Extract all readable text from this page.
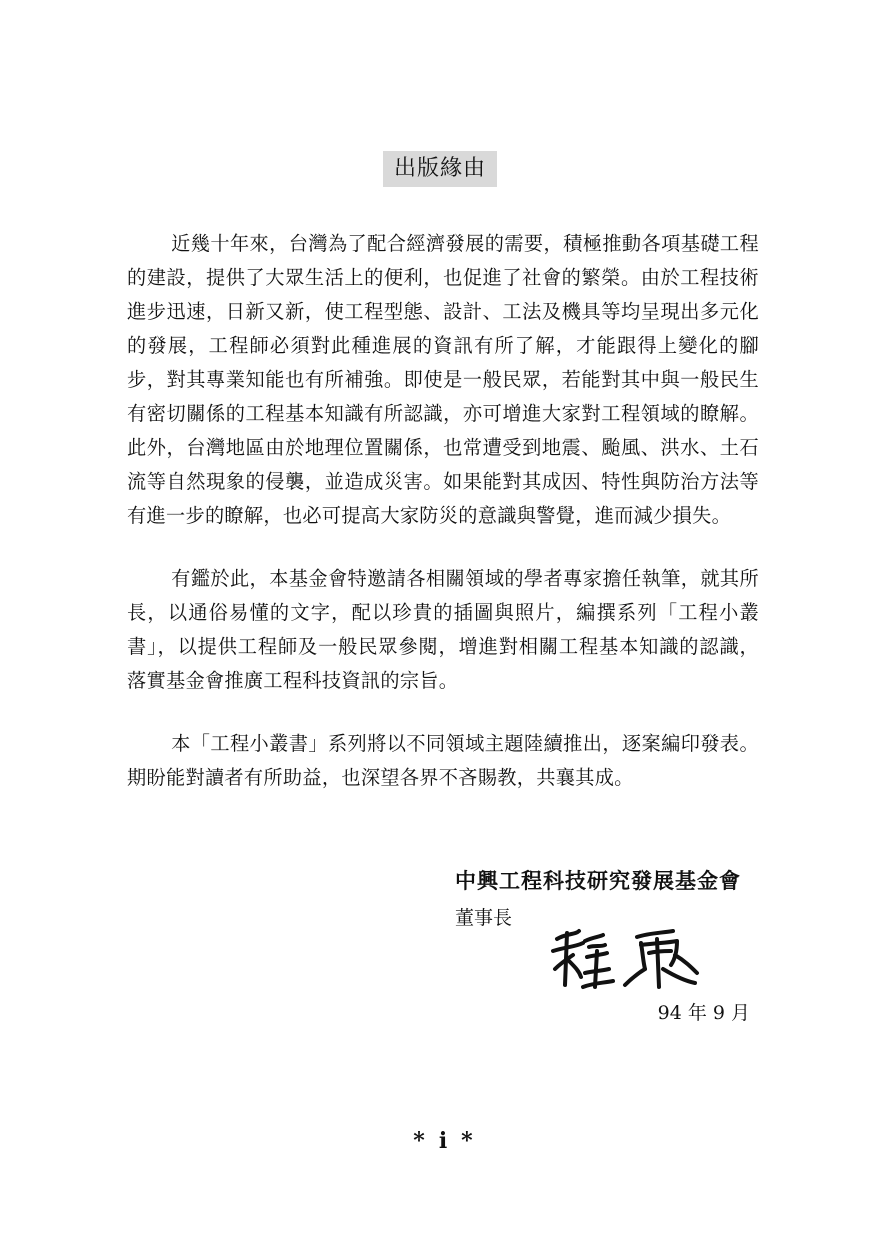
出版緣由

近幾十年來，台灣為了配合經濟發展的需要，積極推動各項基礎工程的建設，提供了大眾生活上的便利，也促進了社會的繁榮。由於工程技術進步迅速，日新又新，使工程型態、設計、工法及機具等均呈現出多元化的發展，工程師必須對此種進展的資訊有所了解，才能跟得上變化的腳步，對其專業知能也有所補強。即使是一般民眾，若能對其中與一般民生有密切關係的工程基本知識有所認識，亦可增進大家對工程領域的瞭解。此外，台灣地區由於地理位置關係，也常遭受到地震、颱風、洪水、土石流等自然現象的侵襲，並造成災害。如果能對其成因、特性與防治方法等有進一步的瞭解，也必可提高大家防災的意識與警覺，進而減少損失。

有鑑於此，本基金會特邀請各相關領域的學者專家擔任執筆，就其所長，以通俗易懂的文字，配以珍貴的插圖與照片，編撰系列「工程小叢書」，以提供工程師及一般民眾參閱，增進對相關工程基本知識的認識，落實基金會推廣工程科技資訊的宗旨。

本「工程小叢書」系列將以不同領域主題陸續推出，逐案編印發表。期盼能對讀者有所助益，也深望各界不吝賜教，共襄其成。

中興工程科技研究發展基金會
董事長
94 年 9 月
* i *
